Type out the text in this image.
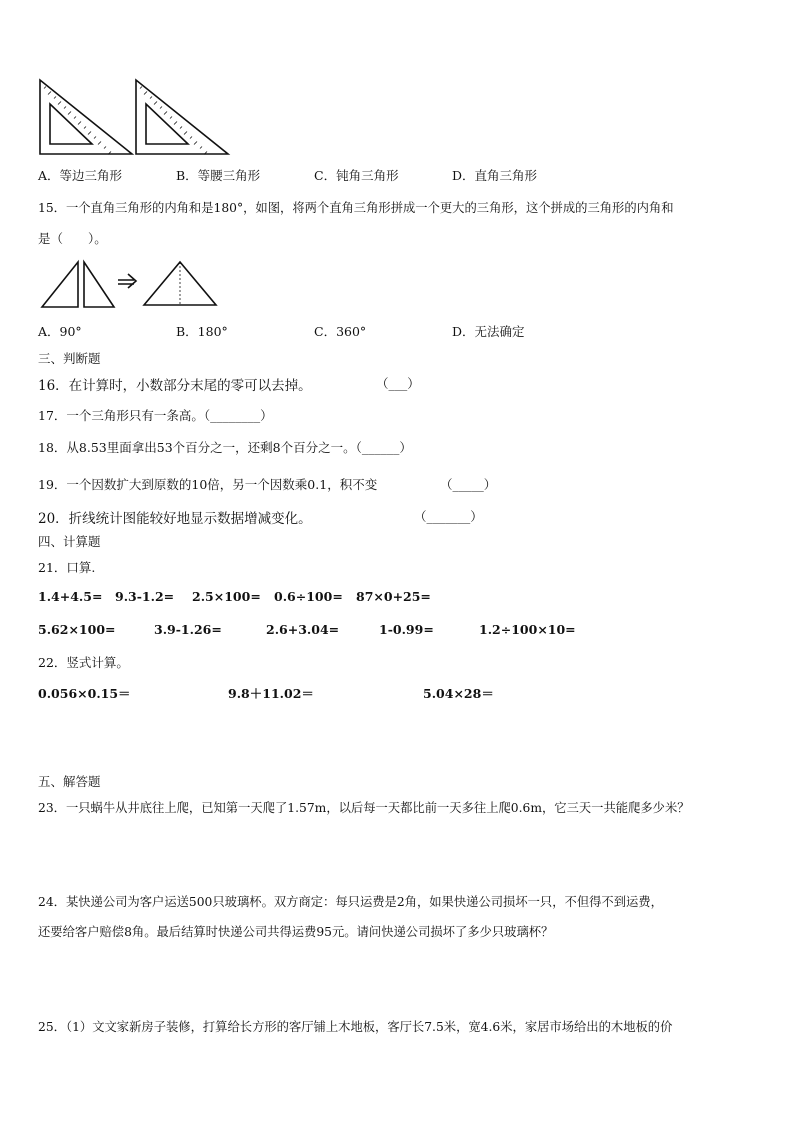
A．等边三角形	B．等腰三角形	C．钝角三角形	D．直角三角形
15．一个直角三角形的内角和是180°，如图，将两个直角三角形拼成一个更大的三角形，这个拼成的三角形的内角和
是（　　）。
A．90°	B．180°	C．360°	D．无法确定
三、判断题
16．在计算时，小数部分末尾的零可以去掉。	（___）
17．一个三角形只有一条高。（________）
18．从8.53里面拿出53个百分之一，还剩8个百分之一。（______）
19．一个因数扩大到原数的10倍，另一个因数乘0.1，积不变	（_____）
20．折线统计图能较好地显示数据增减变化。	（_______）
四、计算题
21．口算.
1.4+4.5= 9.3-1.2= 2.5×100= 0.6÷100= 87×0+25=
5.62×100=	3.9-1.26=	2.6+3.04=	1-0.99=	1.2÷100×10=
22．竖式计算。
0.056×0.15＝	9.8＋11.02＝	5.04×28＝
五、解答题
23．一只蜗牛从井底往上爬，已知第一天爬了1.57m，以后每一天都比前一天多往上爬0.6m，它三天一共能爬多少米？
24．某快递公司为客户运送500只玻璃杯。双方商定：每只运费是2角，如果快递公司损坏一只，不但得不到运费，
还要给客户赔偿8角。最后结算时快递公司共得运费95元。请问快递公司损坏了多少只玻璃杯？
25．（1）文文家新房子装修，打算给长方形的客厅铺上木地板，客厅长7.5米，宽4.6米，家居市场给出的木地板的价
